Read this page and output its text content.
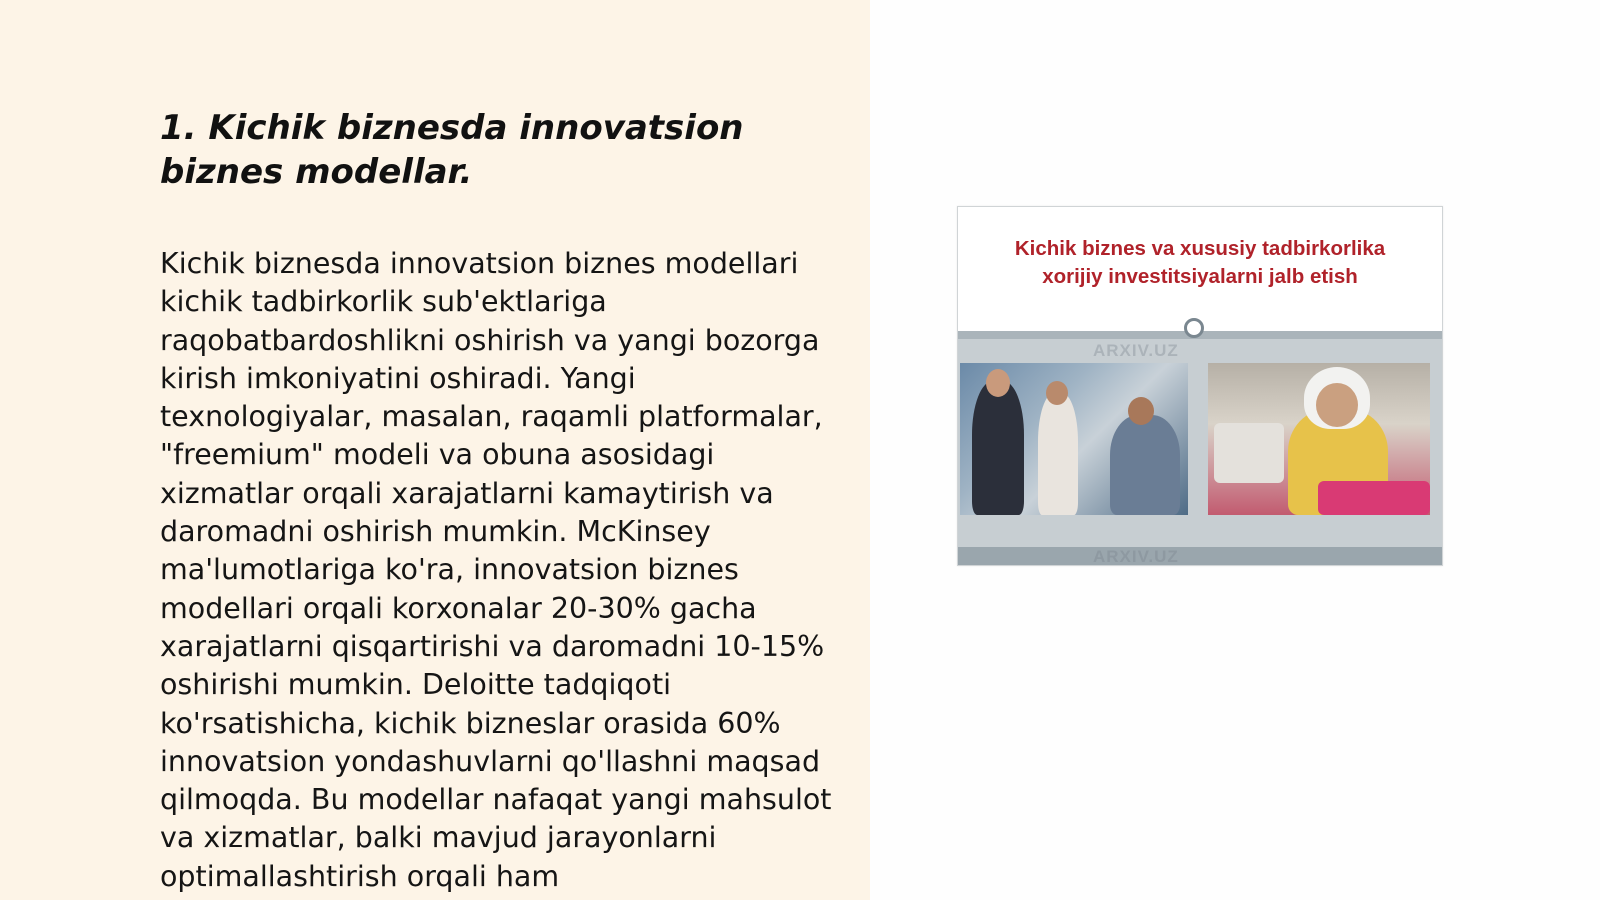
1. Kichik biznesda innovatsion biznes modellar.

Kichik biznesda innovatsion biznes modellari kichik tadbirkorlik sub'ektlariga raqobatbardoshlikni oshirish va yangi bozorga kirish imkoniyatini oshiradi. Yangi texnologiyalar, masalan, raqamli platformalar, "freemium" modeli va obuna asosidagi xizmatlar orqali xarajatlarni kamaytirish va daromadni oshirish mumkin. McKinsey ma'lumotlariga ko'ra, innovatsion biznes modellari orqali korxonalar 20-30% gacha xarajatlarni qisqartirishi va daromadni 10-15% oshirishi mumkin. Deloitte tadqiqoti ko'rsatishicha, kichik bizneslar orasida 60% innovatsion yondashuvlarni qo'llashni maqsad qilmoqda. Bu modellar nafaqat yangi mahsulot va xizmatlar, balki mavjud jarayonlarni optimallashtirish orqali ham

Kichik biznes va xususiy tadbirkorlika
xorijiy investitsiyalarni jalb etish

ARXIV.UZ
ARXIV.UZ
